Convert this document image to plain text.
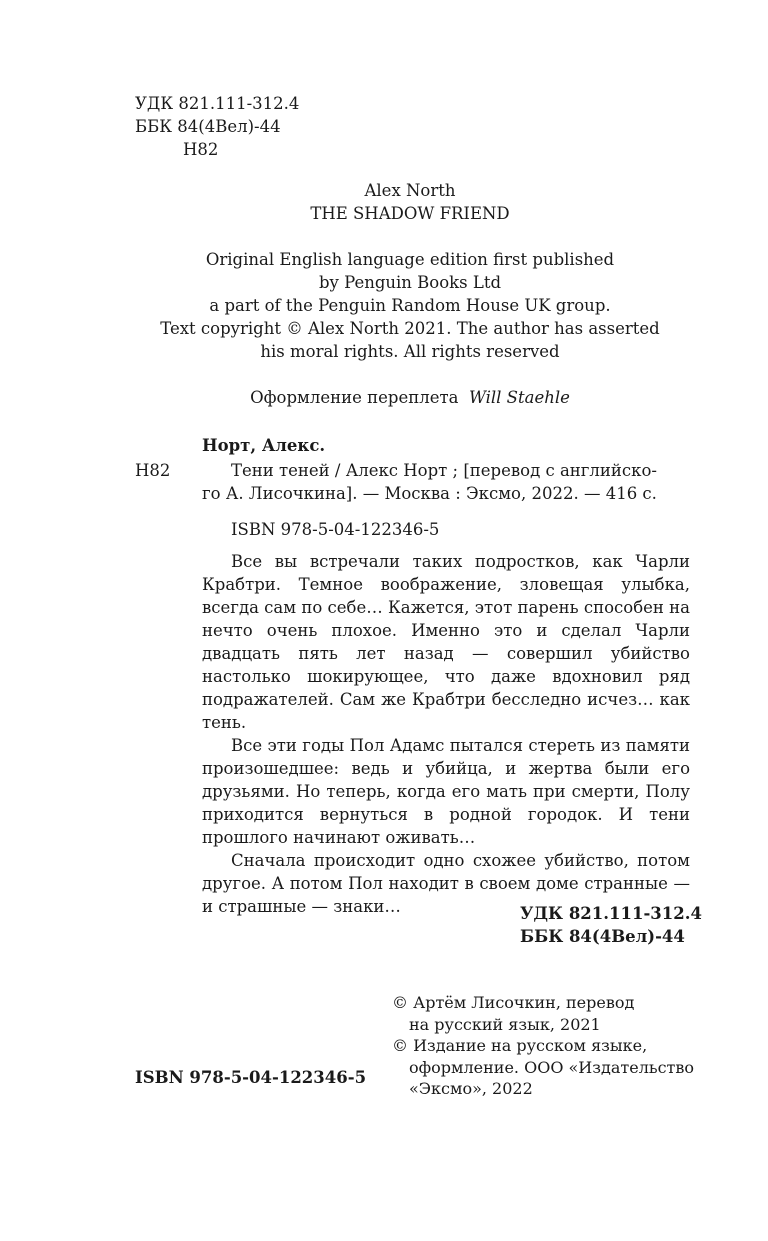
УДК 821.111-312.4
ББК 84(4Вел)-44
Н82
Alex North
THE SHADOW FRIEND
Original English language edition first published
by Penguin Books Ltd
a part of the Penguin Random House UK group.
Text copyright © Alex North 2021. The author has asserted
his moral rights. All rights reserved
Оформление переплета Will Staehle
Норт, Алекс.
Н82	Тени теней / Алекс Норт ; [перевод с английско-
го А. Лисочкина]. — Москва : Эксмо, 2022. — 416 с.
ISBN 978-5-04-122346-5

Все вы встречали таких подростков, как Чарли Крабтри. Темное воображение, зловещая улыбка, всегда сам по себе… Кажется, этот парень способен на нечто очень плохое. Именно это и сделал Чарли двадцать пять лет назад — совершил убийство настолько шокирующее, что даже вдохновил ряд подражателей. Сам же Крабтри бесследно исчез… как тень.

Все эти годы Пол Адамс пытался стереть из памяти произошедшее: ведь и убийца, и жертва были его друзьями. Но теперь, когда его мать при смерти, Полу приходится вернуться в родной городок. И тени прошлого начинают оживать…

Сначала происходит одно схожее убийство, потом другое. А потом Пол находит в своем доме странные — и страшные — знаки…	УДК 821.111-312.4
ББК 84(4Вел)-44
© Артём Лисочкин, перевод
на русский язык, 2021
© Издание на русском языке,
оформление. ООО «Издательство
«Эксмо», 2022
ISBN 978-5-04-122346-5
